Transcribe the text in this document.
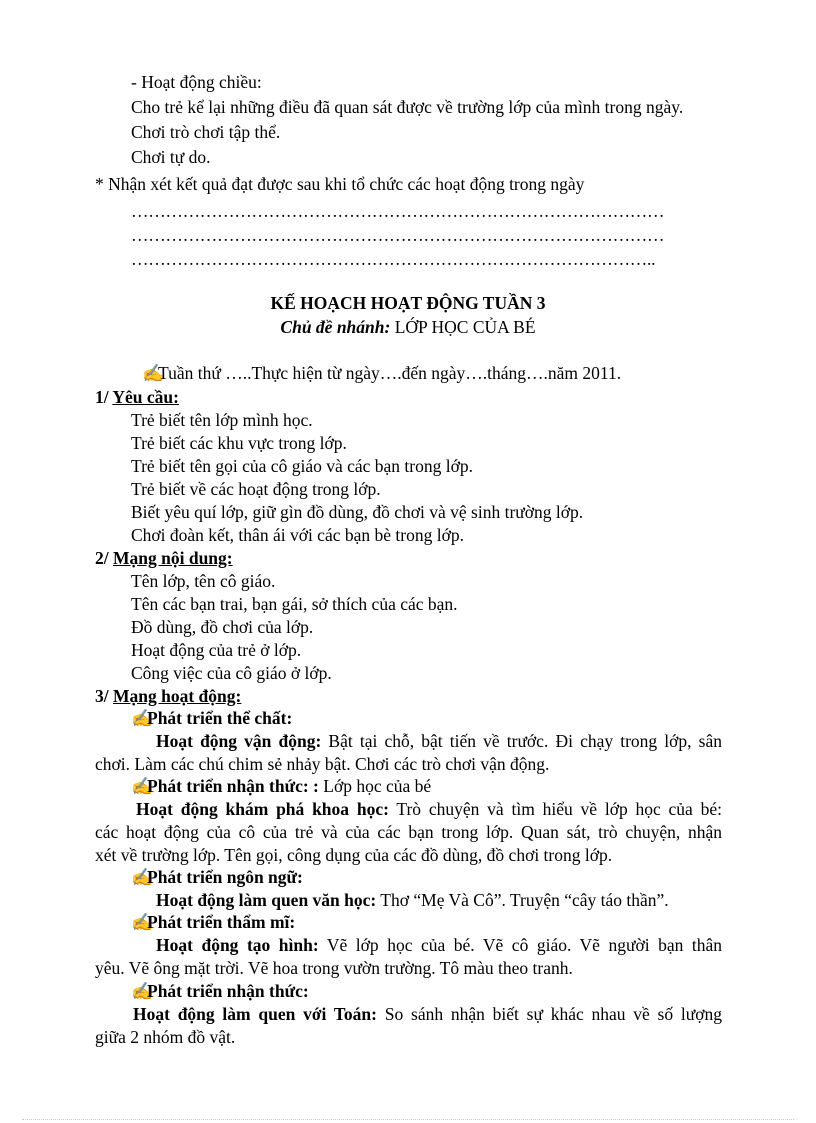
- Hoạt động chiều:
Cho trẻ kể lại những điều đã quan sát được về trường lớp của mình trong ngày.
Chơi trò chơi tập thể.
Chơi tự do.
* Nhận xét kết quả đạt được sau khi tổ chức các hoạt động trong ngày
…………………………………………………………………………………
…………………………………………………………………………………
………………………………………………………………………………..
KẾ HOẠCH HOẠT ĐỘNG TUẦN 3
Chủ đề nhánh: LỚP HỌC CỦA BÉ
✍Tuần thứ …..Thực hiện từ ngày….đến ngày….tháng….năm 2011.
1/ Yêu cầu:
Trẻ biết tên lớp mình học.
Trẻ biết các khu vực trong lớp.
Trẻ biết tên gọi của cô giáo và các bạn trong lớp.
Trẻ biết về các hoạt động trong lớp.
Biết yêu quí lớp, giữ gìn đồ dùng, đồ chơi và vệ sinh trường lớp.
Chơi đoàn kết, thân ái với các bạn bè trong lớp.
2/ Mạng nội dung:
Tên lớp, tên cô giáo.
Tên các bạn trai, bạn gái, sở thích của các bạn.
Đồ dùng, đồ chơi của lớp.
Hoạt động của trẻ ở lớp.
Công việc của cô giáo ở lớp.
3/ Mạng hoạt động:
✍Phát triển thể chất:
Hoạt động vận động: Bật tại chỗ, bật tiến về trước. Đi chạy trong lớp, sân
chơi. Làm các chú chim sẻ nhảy bật. Chơi các trò chơi vận động.
✍Phát triển nhận thức: : Lớp học của bé
Hoạt động khám phá khoa học: Trò chuyện và tìm hiểu về lớp học của bé:
các hoạt động của cô của trẻ và của các bạn trong lớp. Quan sát, trò chuyện, nhận
xét về trường lớp. Tên gọi, công dụng của các đồ dùng, đồ chơi trong lớp.
✍Phát triển ngôn ngữ:
Hoạt động làm quen văn học: Thơ “Mẹ Và Cô”. Truyện “cây táo thần”.
✍Phát triển thẩm mĩ:
Hoạt động tạo hình: Vẽ lớp học của bé. Vẽ cô giáo. Vẽ người bạn thân
yêu. Vẽ ông mặt trời. Vẽ hoa trong vườn trường. Tô màu theo tranh.
✍Phát triển nhận thức:
Hoạt động làm quen với Toán: So sánh nhận biết sự khác nhau về số lượng
giữa 2 nhóm đồ vật.
